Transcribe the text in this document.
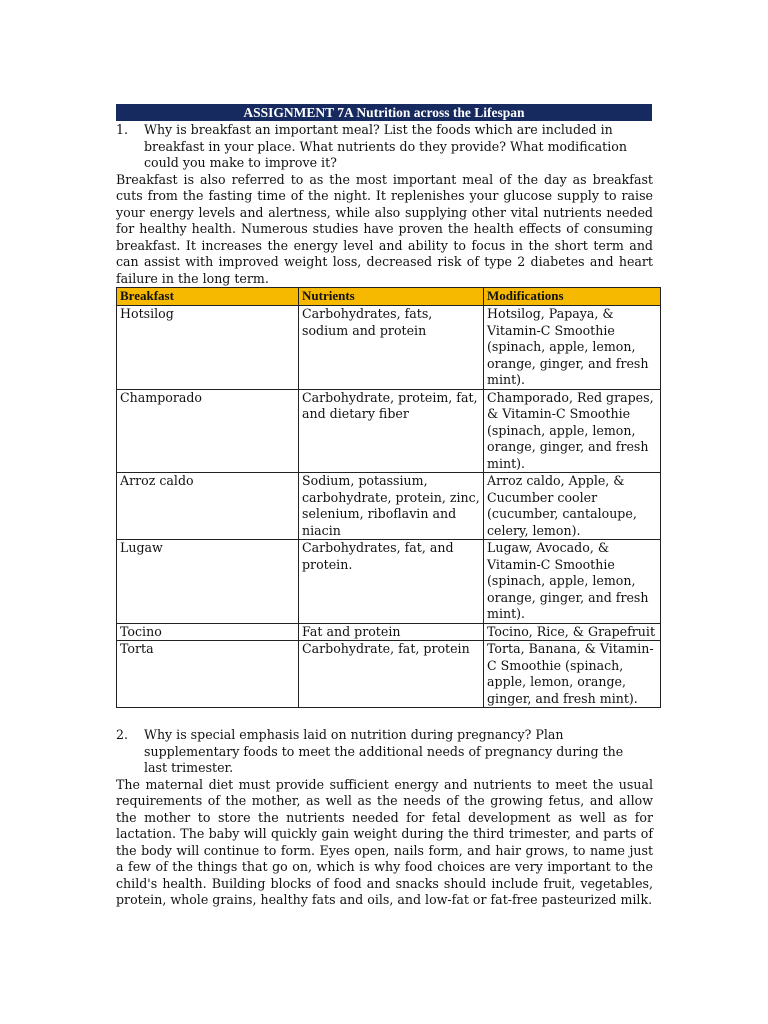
ASSIGNMENT 7A Nutrition across the Lifespan
1.	Why is breakfast an important meal? List the foods which are included in breakfast in your place. What nutrients do they provide? What modification could you make to improve it?

Breakfast is also referred to as the most important meal of the day as breakfast cuts from the fasting time of the night. It replenishes your glucose supply to raise your energy levels and alertness, while also supplying other vital nutrients needed for healthy health. Numerous studies have proven the health effects of consuming breakfast. It increases the energy level and ability to focus in the short term and can assist with improved weight loss, decreased risk of type 2 diabetes and heart failure in the long term.

Breakfast	Nutrients	Modifications
Hotsilog	Carbohydrates, fats, sodium and protein	Hotsilog, Papaya, & Vitamin-C Smoothie (spinach, apple, lemon, orange, ginger, and fresh mint).
Champorado	Carbohydrate, proteim, fat, and dietary fiber	Champorado, Red grapes, & Vitamin-C Smoothie (spinach, apple, lemon, orange, ginger, and fresh mint).
Arroz caldo	Sodium, potassium, carbohydrate, protein, zinc, selenium, riboflavin and niacin	Arroz caldo, Apple, & Cucumber cooler (cucumber, cantaloupe, celery, lemon).
Lugaw	Carbohydrates, fat, and protein.	Lugaw, Avocado, & Vitamin-C Smoothie (spinach, apple, lemon, orange, ginger, and fresh mint).
Tocino	Fat and protein	Tocino, Rice, & Grapefruit
Torta	Carbohydrate, fat, protein	Torta, Banana, & Vitamin-C Smoothie (spinach, apple, lemon, orange, ginger, and fresh mint).
2.	Why is special emphasis laid on nutrition during pregnancy? Plan supplementary foods to meet the additional needs of pregnancy during the last trimester.

The maternal diet must provide sufficient energy and nutrients to meet the usual requirements of the mother, as well as the needs of the growing fetus, and allow the mother to store the nutrients needed for fetal development as well as for lactation. The baby will quickly gain weight during the third trimester, and parts of the body will continue to form. Eyes open, nails form, and hair grows, to name just a few of the things that go on, which is why food choices are very important to the child's health. Building blocks of food and snacks should include fruit, vegetables, protein, whole grains, healthy fats and oils, and low-fat or fat-free pasteurized milk.
